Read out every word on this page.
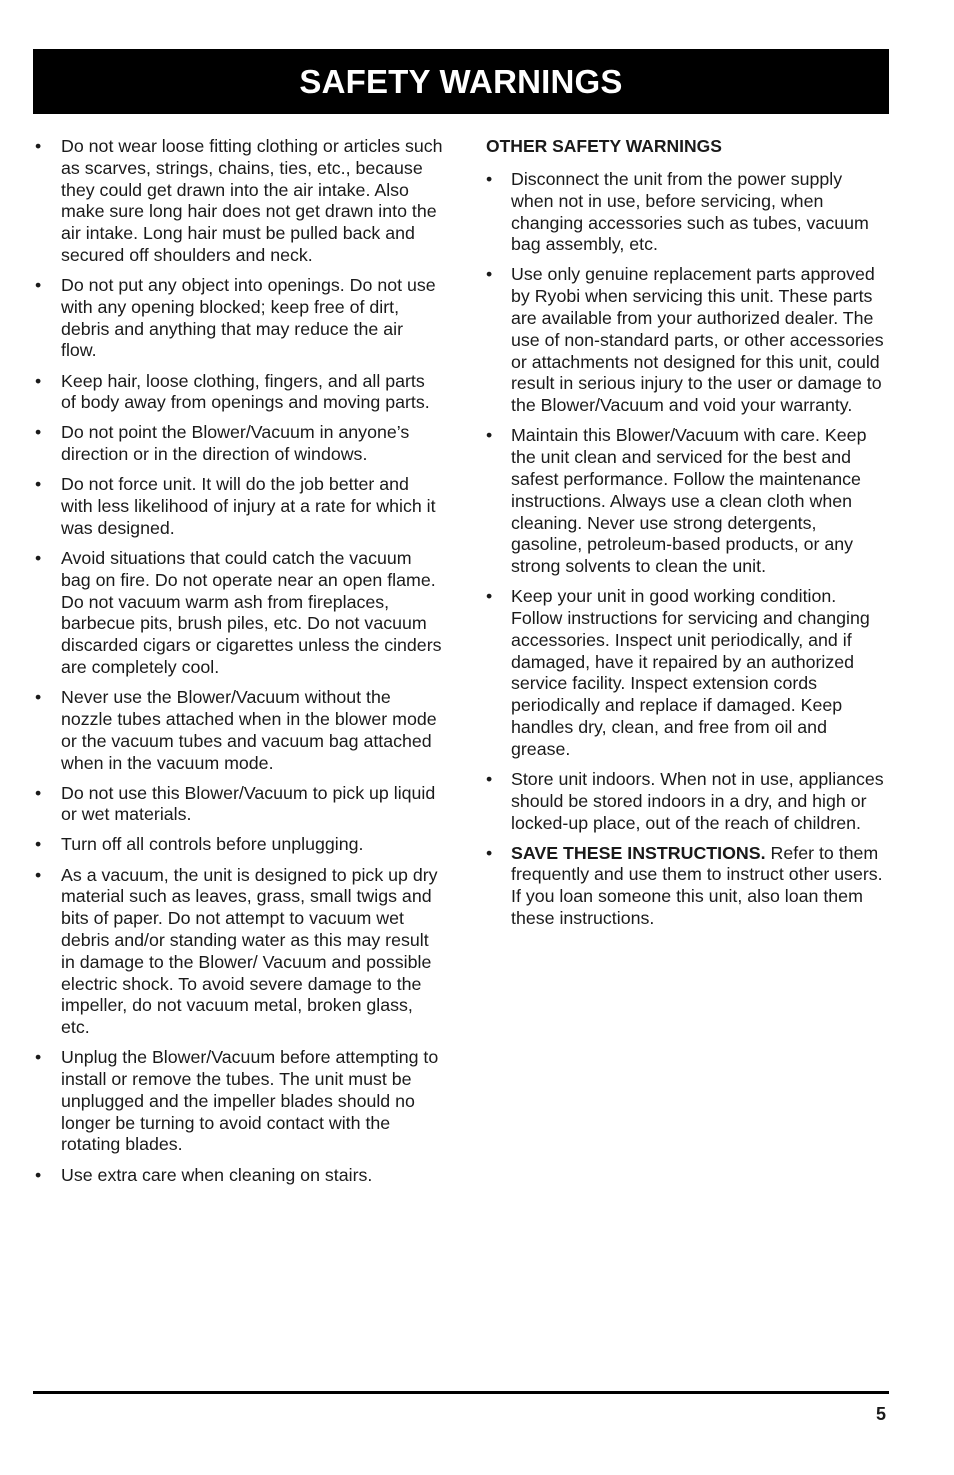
SAFETY WARNINGS
• Do not wear loose fitting clothing or articles such as scarves, strings, chains, ties, etc., because they could get drawn into the air intake. Also make sure long hair does not get drawn into the air intake. Long hair must be pulled back and secured off shoulders and neck.
• Do not put any object into openings. Do not use with any opening blocked; keep free of dirt, debris and anything that may reduce the air flow.
• Keep hair, loose clothing, fingers, and all parts of body away from openings and moving parts.
• Do not point the Blower/Vacuum in anyone’s direction or in the direction of windows.
• Do not force unit. It will do the job better and with less likelihood of injury at a rate for which it was designed.
• Avoid situations that could catch the vacuum bag on fire. Do not operate near an open flame. Do not vacuum warm ash from fireplaces, barbecue pits, brush piles, etc. Do not vacuum discarded cigars or cigarettes unless the cinders are completely cool.
• Never use the Blower/Vacuum without the nozzle tubes attached when in the blower mode or the vacuum tubes and vacuum bag attached when in the vacuum mode.
• Do not use this Blower/Vacuum to pick up liquid or wet materials.
• Turn off all controls before unplugging.
• As a vacuum, the unit is designed to pick up dry material such as leaves, grass, small twigs and bits of paper. Do not attempt to vacuum wet debris and/or standing water as this may result in damage to the Blower/ Vacuum and possible electric shock. To avoid severe damage to the impeller, do not vacuum metal, broken glass, etc.
• Unplug the Blower/Vacuum before attempting to install or remove the tubes. The unit must be unplugged and the impeller blades should no longer be turning to avoid contact with the rotating blades.
• Use extra care when cleaning on stairs.
OTHER SAFETY WARNINGS
• Disconnect the unit from the power supply when not in use, before servicing, when changing accessories such as tubes, vacuum bag assembly, etc.
• Use only genuine replacement parts approved by Ryobi when servicing this unit. These parts are available from your authorized dealer. The use of non-standard parts, or other accessories or attachments not designed for this unit, could result in serious injury to the user or damage to the Blower/Vacuum and void your warranty.
• Maintain this Blower/Vacuum with care. Keep the unit clean and serviced for the best and safest performance. Follow the maintenance instructions. Always use a clean cloth when cleaning. Never use strong detergents, gasoline, petroleum-based products, or any strong solvents to clean the unit.
• Keep your unit in good working condition. Follow instructions for servicing and changing accessories. Inspect unit periodically, and if damaged, have it repaired by an authorized service facility. Inspect extension cords periodically and replace if damaged. Keep handles dry, clean, and free from oil and grease.
• Store unit indoors. When not in use, appliances should be stored indoors in a dry, and high or locked-up place, out of the reach of children.
• SAVE THESE INSTRUCTIONS. Refer to them frequently and use them to instruct other users. If you loan someone this unit, also loan them these instructions.
5
